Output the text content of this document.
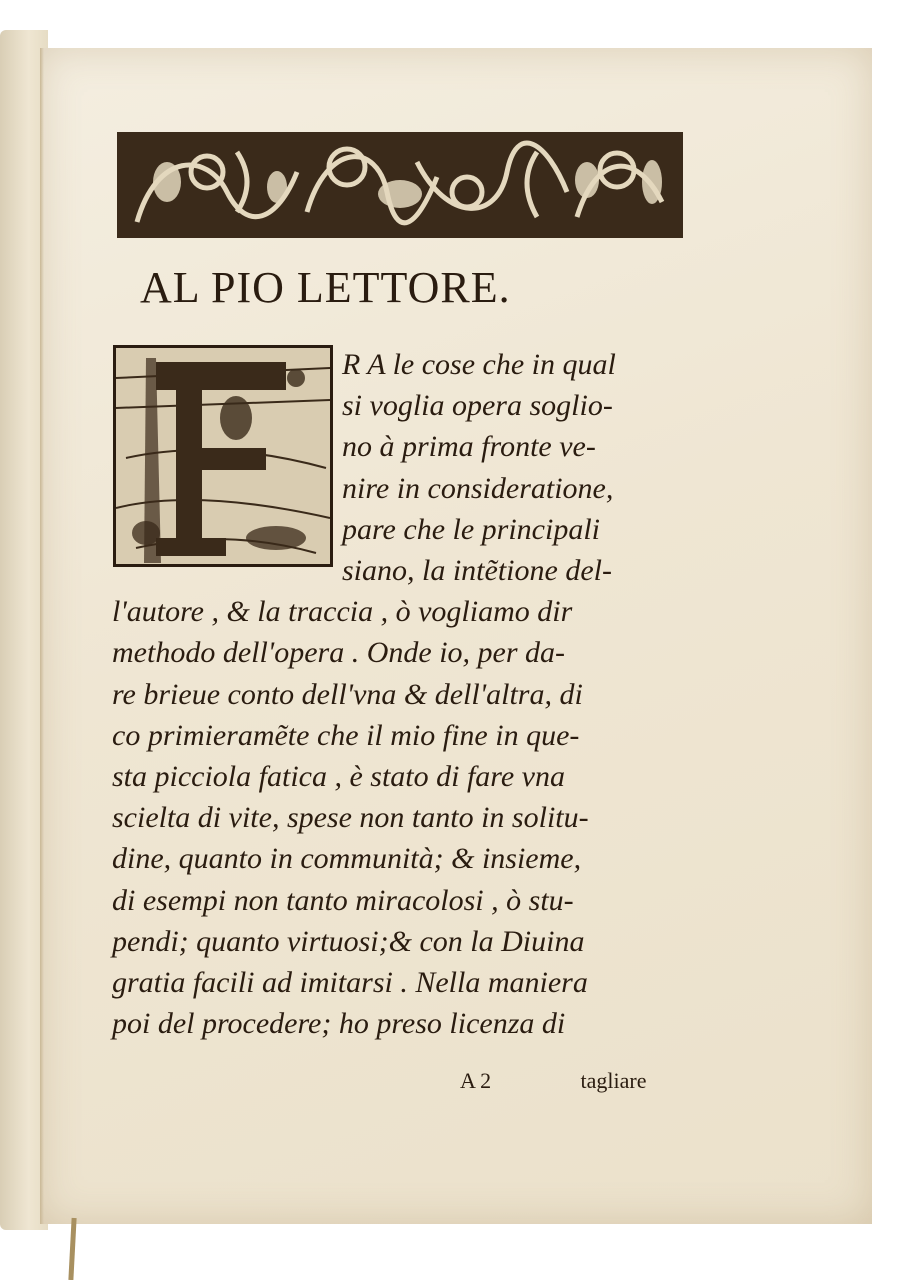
AL PIO LETTORE.
R A le cose che in qual
si voglia opera soglio-
no à prima fronte ve-
nire in consideratione,
pare che le principali
siano, la intẽtione del-
l'autore , & la traccia , ò vogliamo dir
methodo dell'opera . Onde io, per da-
re brieue conto dell'vna & dell'altra, di
co primieramẽte che il mio fine in que-
sta picciola fatica , è stato di fare vna
scielta di vite, spese non tanto in solitu-
dine, quanto in communità; & insieme,
di esempi non tanto miracolosi , ò stu-
pendi; quanto virtuosi;& con la Diuina
gratia facili ad imitarsi . Nella maniera
poi del procedere; ho preso licenza di
A 2	tagliare
